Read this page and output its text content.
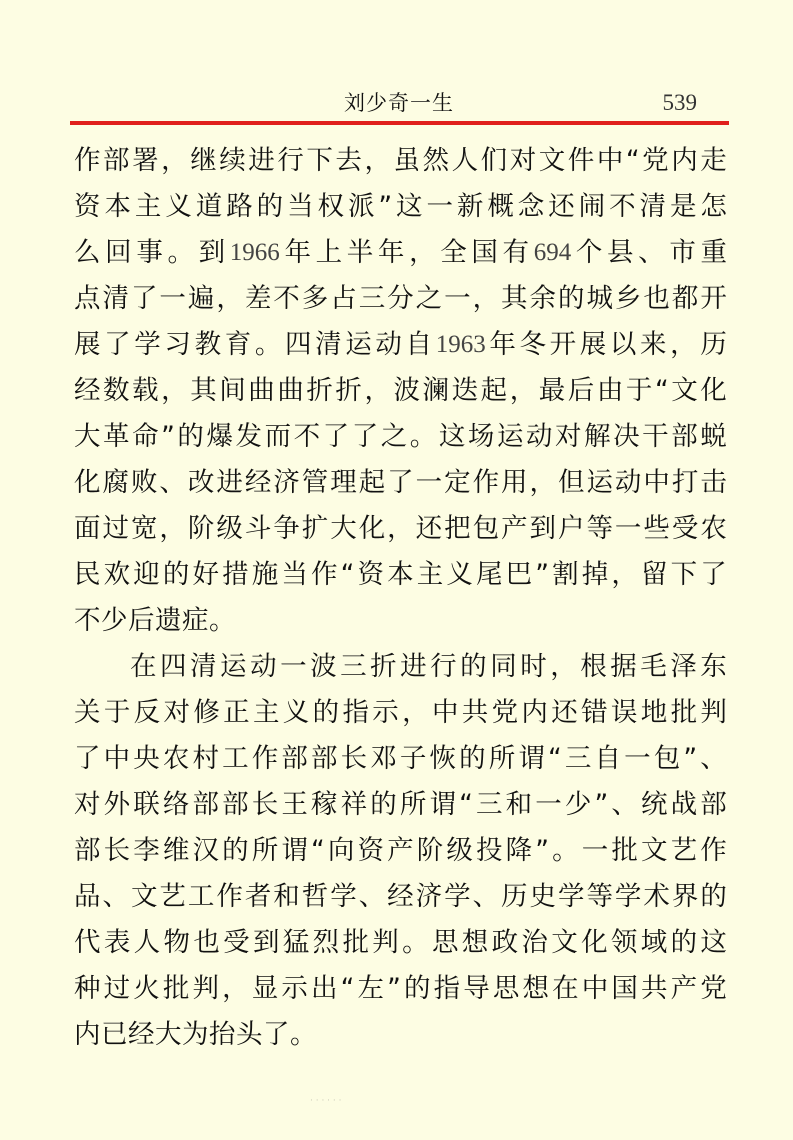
刘少奇一生	539
作 部 署 ， 继 续 进 行 下 去 ， 虽 然 人 们 对 文 件 中 “ 党 内 走
资 本 主 义 道 路 的 当 权 派 ” 这 一 新 概 念 还 闹 不 清 是 怎
么 回 事 。 到 1966 年 上 半 年 ， 全 国 有 694 个 县 、 市 重
点 清 了 一 遍 ， 差 不 多 占 三 分 之 一 ， 其 余 的 城 乡 也 都 开
展 了 学 习 教 育 。 四 清 运 动 自 1963 年 冬 开 展 以 来 ， 历
经 数 载 ， 其 间 曲 曲 折 折 ， 波 澜 迭 起 ， 最 后 由 于 “ 文 化
大 革 命 ” 的 爆 发 而 不 了 了 之 。 这 场 运 动 对 解 决 干 部 蜕
化 腐 败 、 改 进 经 济 管 理 起 了 一 定 作 用 ， 但 运 动 中 打 击
面 过 宽 ， 阶 级 斗 争 扩 大 化 ， 还 把 包 产 到 户 等 一 些 受 农
民 欢 迎 的 好 措 施 当 作 “ 资 本 主 义 尾 巴 ” 割 掉 ， 留 下 了
不 少 后 遗 症 。
在 四 清 运 动 一 波 三 折 进 行 的 同 时 ， 根 据 毛 泽 东
关 于 反 对 修 正 主 义 的 指 示 ， 中 共 党 内 还 错 误 地 批 判
了 中 央 农 村 工 作 部 部 长 邓 子 恢 的 所 谓 “ 三 自 一 包 ” 、
对 外 联 络 部 部 长 王 稼 祥 的 所 谓 “ 三 和 一 少 ” 、 统 战 部
部 长 李 维 汉 的 所 谓 “ 向 资 产 阶 级 投 降 ” 。 一 批 文 艺 作
品 、 文 艺 工 作 者 和 哲 学 、 经 济 学 、 历 史 学 等 学 术 界 的
代 表 人 物 也 受 到 猛 烈 批 判 。 思 想 政 治 文 化 领 域 的 这
种 过 火 批 判 ， 显 示 出 “ 左 ” 的 指 导 思 想 在 中 国 共 产 党
内 已 经 大 为 抬 头 了 。
· · · · · ·
